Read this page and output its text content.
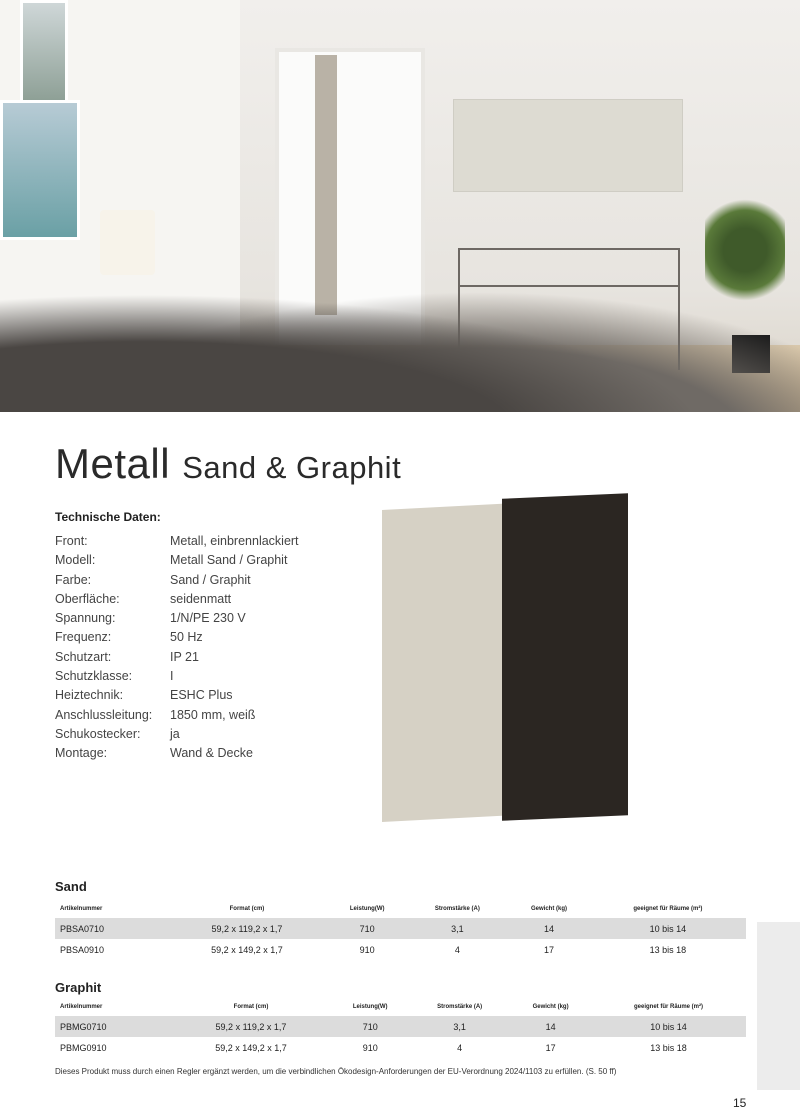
Metall Sand & Graphit
Technische Daten:
Front:	Metall, einbrennlackiert
Modell:	Metall Sand / Graphit
Farbe:	Sand / Graphit
Oberfläche:	seidenmatt
Spannung:	1/N/PE 230 V
Frequenz:	50 Hz
Schutzart:	IP 21
Schutzklasse:	I
Heiztechnik:	ESHC Plus
Anschlussleitung:	1850 mm, weiß
Schukostecker:	ja
Montage:	Wand & Decke
Sand
Artikelnummer	Format (cm)	Leistung(W)	Stromstärke (A)	Gewicht (kg)	geeignet für Räume (m²)
PBSA0710	59,2 x 119,2 x 1,7	710	3,1	14	10 bis 14
PBSA0910	59,2 x 149,2 x 1,7	910	4	17	13 bis 18
Graphit
Artikelnummer	Format (cm)	Leistung(W)	Stromstärke (A)	Gewicht (kg)	geeignet für Räume (m²)
PBMG0710	59,2 x 119,2 x 1,7	710	3,1	14	10 bis 14
PBMG0910	59,2 x 149,2 x 1,7	910	4	17	13 bis 18
Dieses Produkt muss durch einen Regler ergänzt werden, um die verbindlichen Ökodesign-Anforderungen der EU-Verordnung 2024/1103 zu erfüllen. (S. 50 ff)
15
